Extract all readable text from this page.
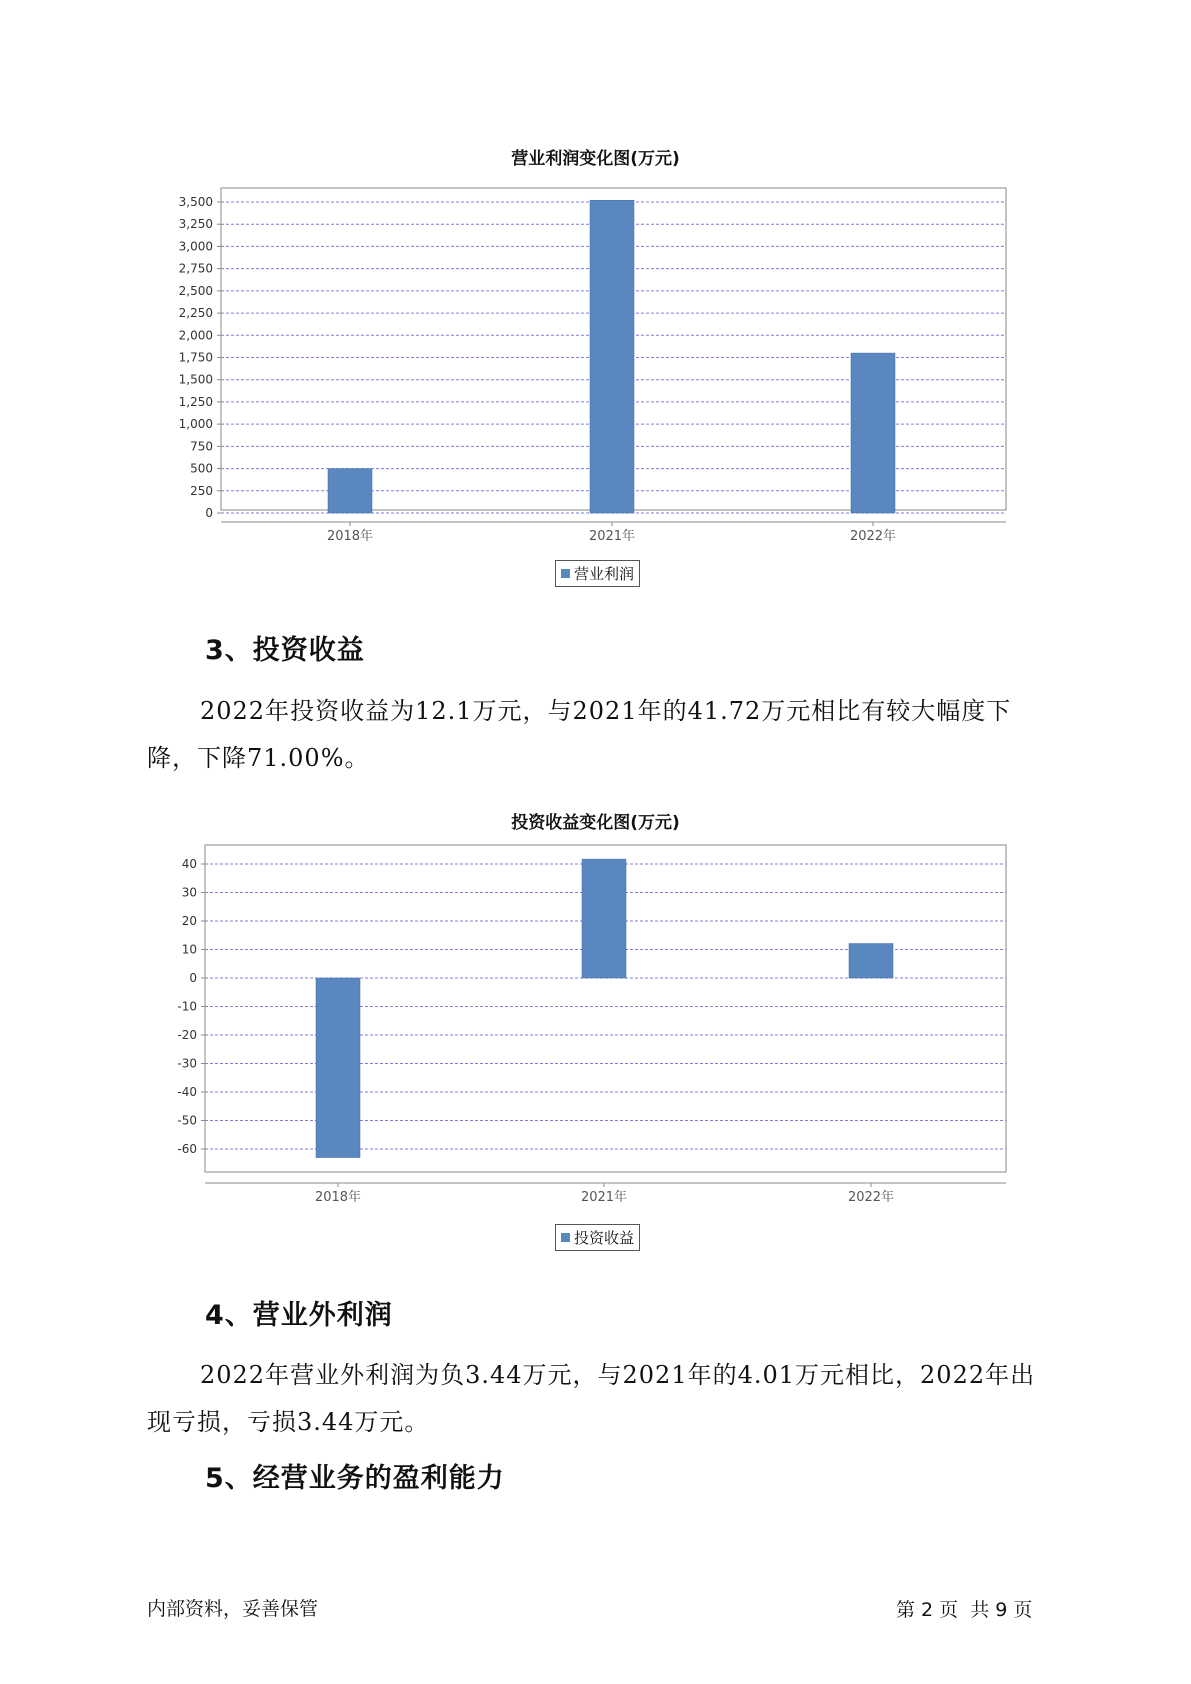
营业利润变化图(万元)
0
250
500
750
1,000
1,250
1,500
1,750
2,000
2,250
2,500
2,750
3,000
3,250
3,500
2018年	2021年	2022年
营业利润
3、投资收益
2022年投资收益为12.1万元，与2021年的41.72万元相比有较大幅度下降，下降71.00%。
投资收益变化图(万元)
-60
-50
-40
-30
-20
-10
0
10
20
30
40
2018年	2021年	2022年
投资收益
4、营业外利润
2022年营业外利润为负3.44万元，与2021年的4.01万元相比，2022年出现亏损，亏损3.44万元。
5、经营业务的盈利能力
内部资料，妥善保管	第 2 页  共 9 页
